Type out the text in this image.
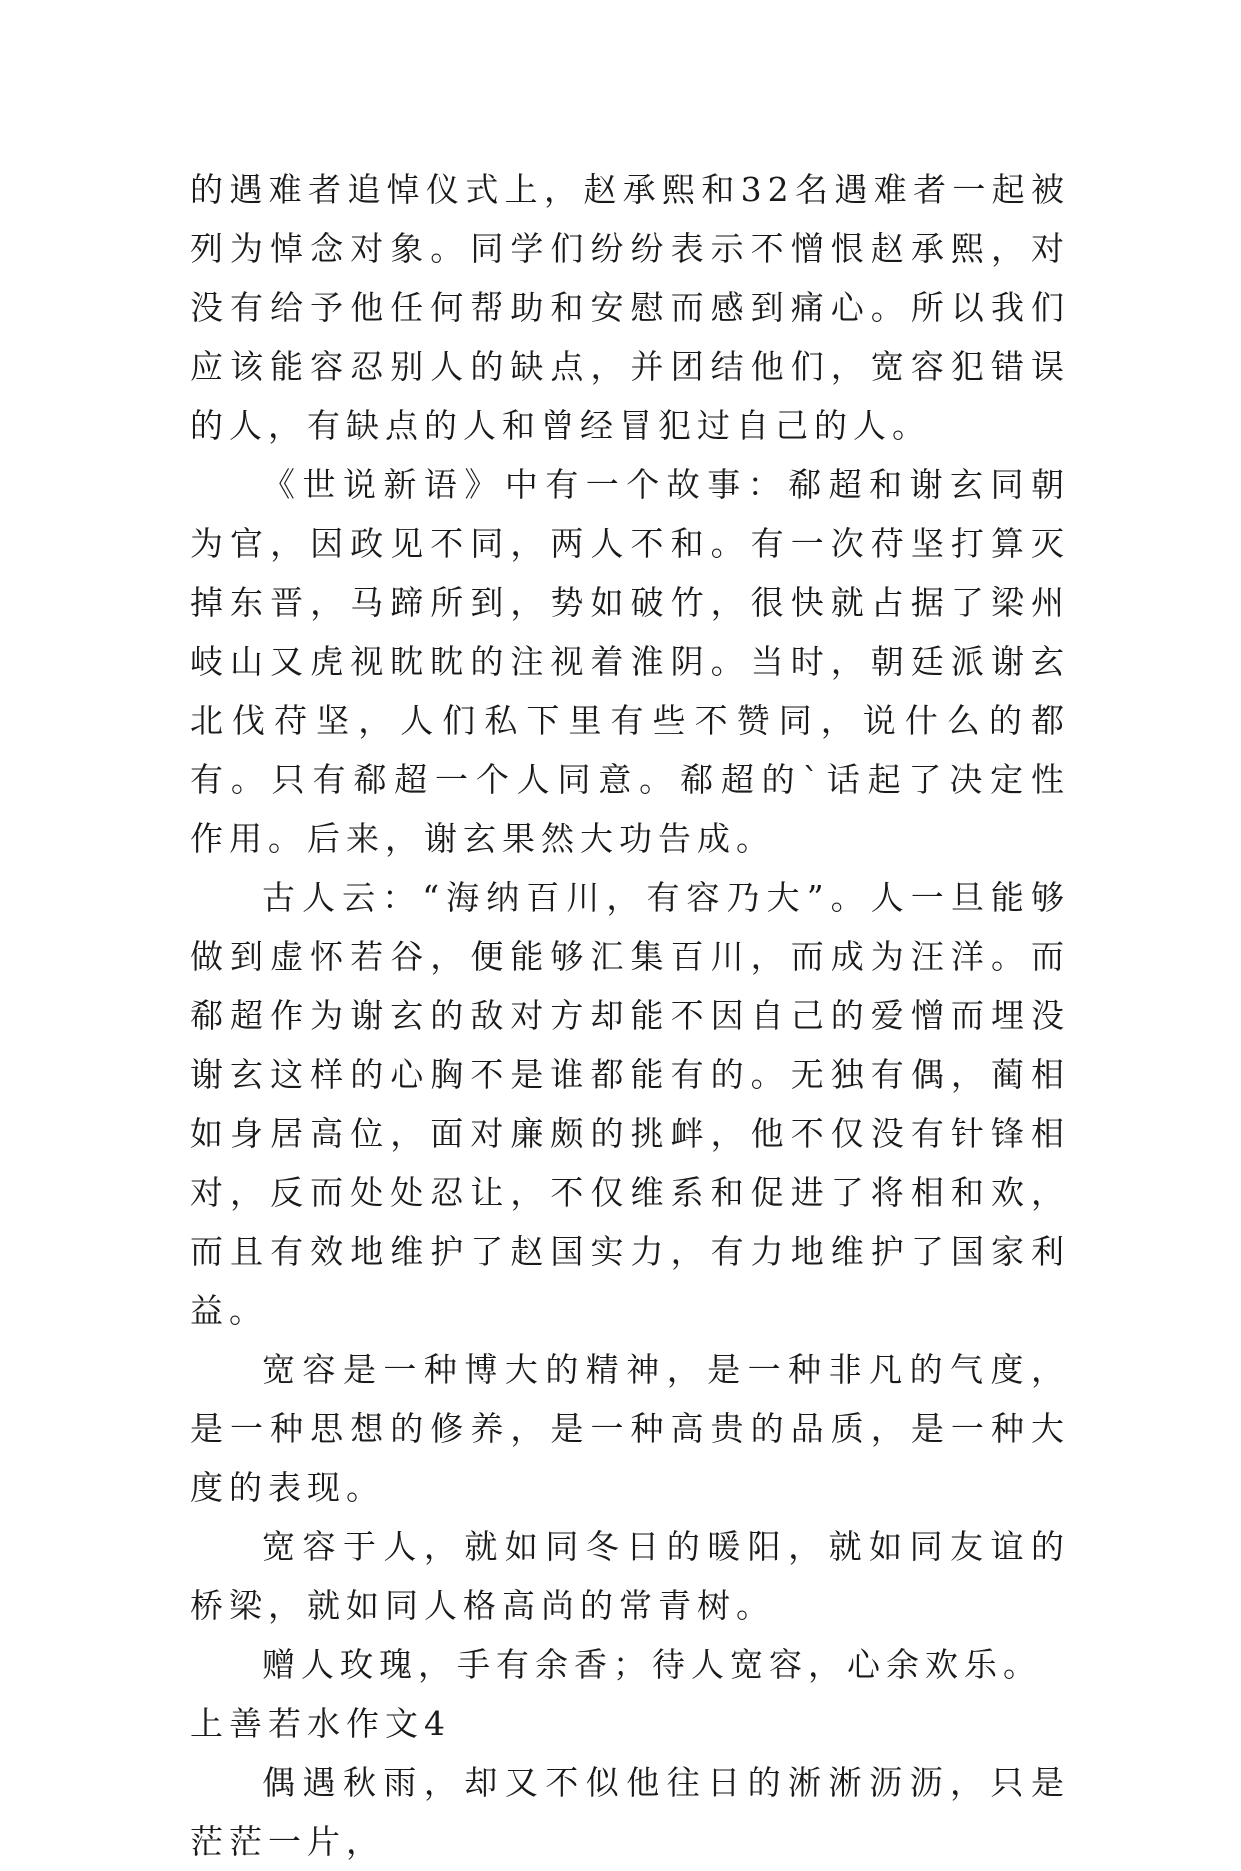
的遇难者追悼仪式上，赵承熙和32名遇难者一起被列为悼念对象。同学们纷纷表示不憎恨赵承熙，对没有给予他任何帮助和安慰而感到痛心。所以我们应该能容忍别人的缺点，并团结他们，宽容犯错误的人，有缺点的人和曾经冒犯过自己的人。

《世说新语》中有一个故事：郗超和谢玄同朝为官，因政见不同，两人不和。有一次苻坚打算灭掉东晋，马蹄所到，势如破竹，很快就占据了梁州岐山又虎视眈眈的注视着淮阴。当时，朝廷派谢玄北伐苻坚，人们私下里有些不赞同，说什么的都有。只有郗超一个人同意。郗超的`话起了决定性作用。后来，谢玄果然大功告成。

古人云：“海纳百川，有容乃大”。人一旦能够做到虚怀若谷，便能够汇集百川，而成为汪洋。而郗超作为谢玄的敌对方却能不因自己的爱憎而埋没谢玄这样的心胸不是谁都能有的。无独有偶，蔺相如身居高位，面对廉颇的挑衅，他不仅没有针锋相对，反而处处忍让，不仅维系和促进了将相和欢，而且有效地维护了赵国实力，有力地维护了国家利益。

宽容是一种博大的精神，是一种非凡的气度，是一种思想的修养，是一种高贵的品质，是一种大度的表现。

宽容于人，就如同冬日的暖阳，就如同友谊的桥梁，就如同人格高尚的常青树。

赠人玫瑰，手有余香；待人宽容，心余欢乐。

上善若水作文4

偶遇秋雨，却又不似他往日的淅淅沥沥，只是茫茫一片，
